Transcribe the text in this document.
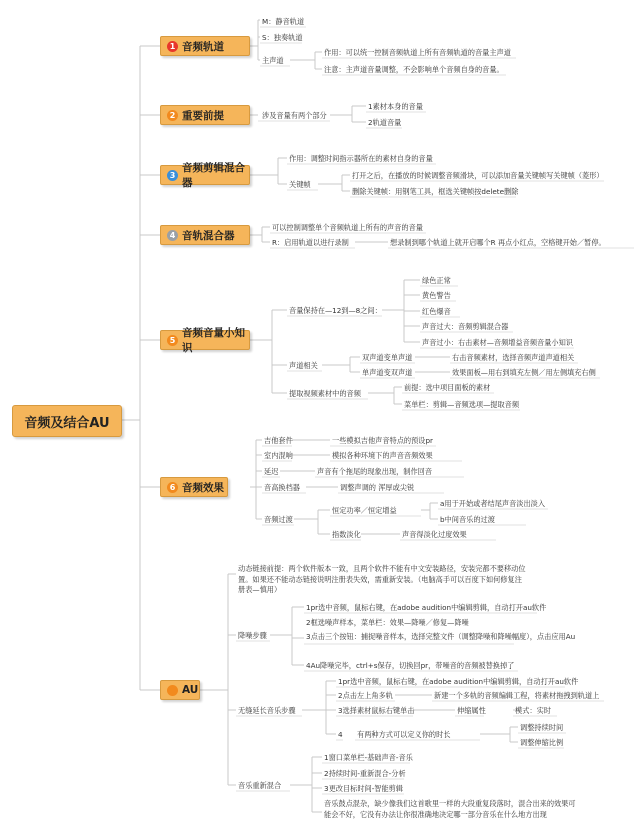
音频及结合AU
1 音频轨道
2 重要前提
3
音频剪辑混合器
4 音轨混合器
5
音频音量小知识
6 音频效果
AU
M：静音轨道
S：独奏轨道
主声道
作用：可以统一控制音频轨道上所有音频轨道的音量主声道
注意：主声道音量调整，不会影响单个音频自身的音量。
涉及音量有两个部分
1素材本身的音量
2轨道音量
作用：调整时间指示器所在的素材自身的音量
关键帧
打开之后，在播放的时候调整音频滑块，可以添加音量关键帧写关键帧（菱形）
删除关键帧：用钢笔工具，框选关键帧按delete删除
可以控制调整单个音频轨道上所有的声音的音量
R：启用轨道以进行录制	想录制到哪个轨道上就开启哪个R 再点小红点，空格键开始／暂停。
音量保持在—12到—8之间：
绿色正常
黄色警告
红色爆音
声音过大：音频剪辑混合器
声音过小：右击素材—音频增益音频音量小知识
声道相关
双声道变单声道	右击音频素材，选择音频声道声道相关
单声道变双声道	效果面板—用右到填充左侧／用左侧填充右侧
提取视频素材中的音频
前提：选中项目面板的素材
菜单栏：剪辑—音频选项—提取音频
吉他套件	一些模拟吉他声音特点的预设pr
室内混响	模拟各种环境下的声音音频效果
延迟	声音有个拖尾的现象出现，制作回音
音高换档器	调整声调的 浑厚或尖锐
音频过渡
恒定功率／恒定增益
a用于开始或者结尾声音淡出淡入
b中间音乐的过渡
指数淡化	声音得淡化过度效果
动态链接前提：两个软件版本一致，且两个软件不能有中文安装路径，安装完都不要移动位置。如果还不能动态链接说明注册表失效，需重新安装。（电脑高手可以百度下如何修复注册表—慎用）
降噪步骤
1pr选中音频，鼠标右键，在adobe audition中编辑剪辑，自动打开au软件
2框选噪声样本，菜单栏：效果—降噪／修复—降噪
3点击三个按钮：捕捉噪音样本，选择完整文件（调整降噪和降噪幅度），点击应用Au
4Au降噪完毕，ctrl+s保存，切换回pr，带噪音的音频被替换掉了
无缝延长音乐步骤
1pr选中音频，鼠标右键，在adobe audition中编辑剪辑，自动打开au软件
2点击左上角多轨	新建一个多轨的音频编辑工程，将素材拖拽到轨道上
3选择素材鼠标右键单击	伸缩属性	模式：实时
4 有两种方式可以定义你的时长
调整持续时间
调整伸缩比例
音乐重新混合
1窗口菜单栏-基础声音-音乐
2持续时间-重新混合-分析
3更改目标时间-智能剪辑
音乐鼓点混杂，缺少像我们这首歌里一样的大段重复段落时，混合出来的效果可能会不好，它没有办法让你很准确地决定哪一部分音乐在什么地方出现
